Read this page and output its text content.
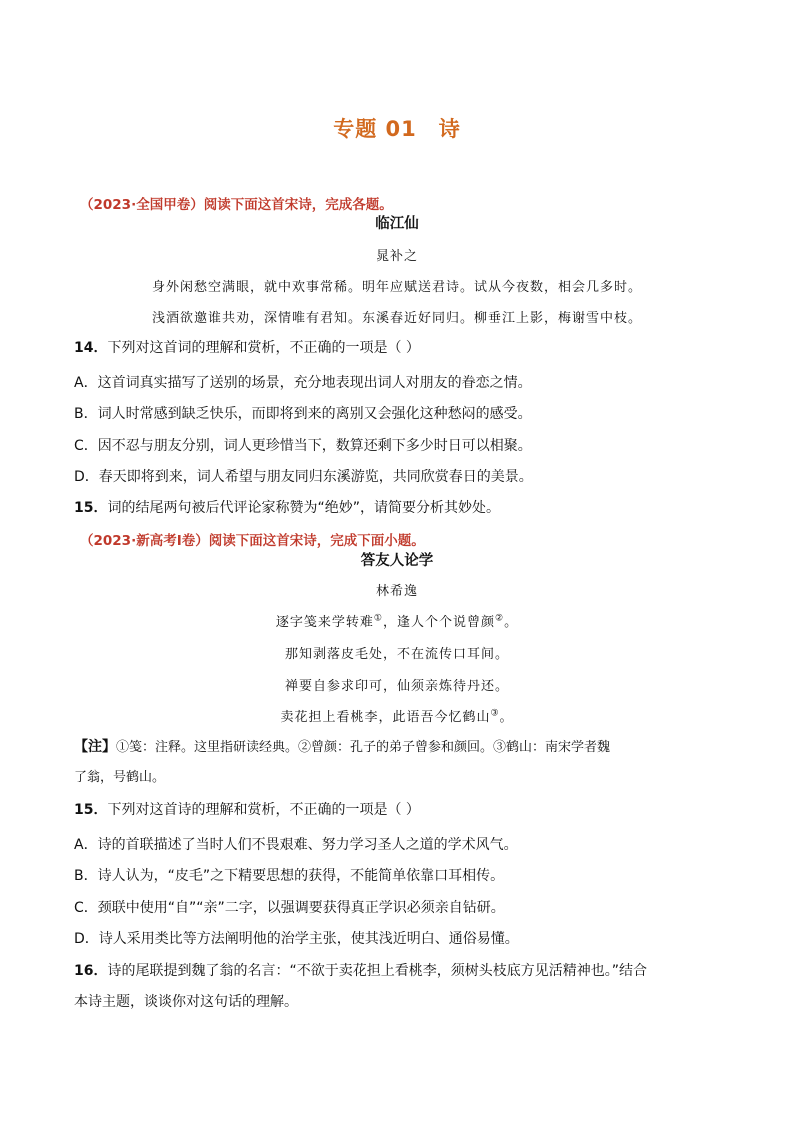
专题 01 诗
（2023·全国甲卷）阅读下面这首宋诗，完成各题。
临江仙
晁补之
身外闲愁空满眼，就中欢事常稀。明年应赋送君诗。试从今夜数，相会几多时。
浅酒欲邀谁共劝，深情唯有君知。东溪春近好同归。柳垂江上影，梅谢雪中枝。
14．下列对这首词的理解和赏析，不正确的一项是（ ）
A．这首词真实描写了送别的场景，充分地表现出词人对朋友的眷恋之情。
B．词人时常感到缺乏快乐，而即将到来的离别又会强化这种愁闷的感受。
C．因不忍与朋友分别，词人更珍惜当下，数算还剩下多少时日可以相聚。
D．春天即将到来，词人希望与朋友同归东溪游览，共同欣赏春日的美景。
15．词的结尾两句被后代评论家称赞为“绝妙”，请简要分析其妙处。
（2023·新高考Ⅰ卷）阅读下面这首宋诗，完成下面小题。
答友人论学
林希逸
逐字笺来学转难①，逢人个个说曾颜②。
那知剥落皮毛处，不在流传口耳间。
禅要自参求印可，仙须亲炼待丹还。
卖花担上看桃李，此语吾今忆鹤山③。
【注】①笺：注释。这里指研读经典。②曾颜：孔子的弟子曾参和颜回。③鹤山：南宋学者魏
了翁，号鹤山。
15．下列对这首诗的理解和赏析，不正确的一项是（ ）
A．诗的首联描述了当时人们不畏艰难、努力学习圣人之道的学术风气。
B．诗人认为，“皮毛”之下精要思想的获得，不能简单依靠口耳相传。
C．颈联中使用“自”“亲”二字，以强调要获得真正学识必须亲自钻研。
D．诗人采用类比等方法阐明他的治学主张，使其浅近明白、通俗易懂。
16．诗的尾联提到魏了翁的名言：“不欲于卖花担上看桃李，须树头枝底方见活精神也。”结合
本诗主题，谈谈你对这句话的理解。
